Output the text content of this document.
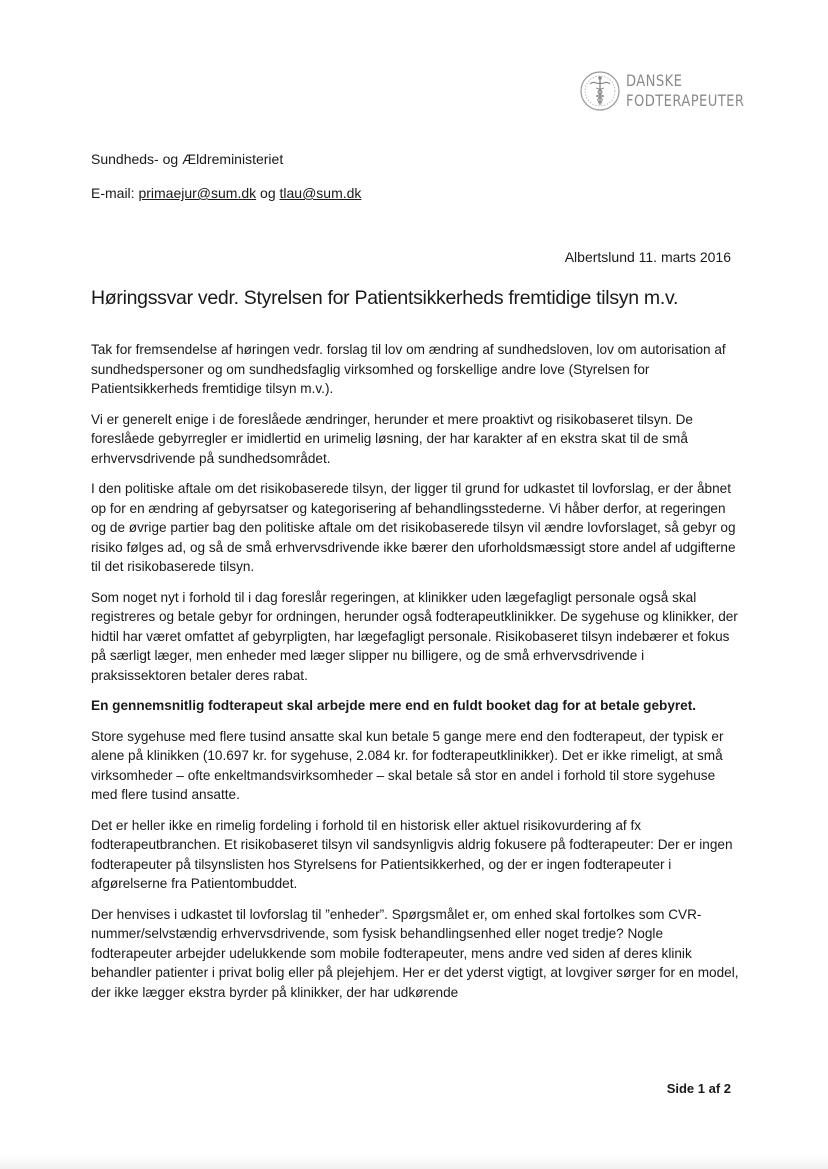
DANSKE
FODTERAPEUTER
Sundheds- og Ældreministeriet
E-mail: primaejur@sum.dk og tlau@sum.dk
Albertslund 11. marts 2016
Høringssvar vedr. Styrelsen for Patientsikkerheds fremtidige tilsyn m.v.

Tak for fremsendelse af høringen vedr. forslag til lov om ændring af sundhedsloven, lov om autorisation af sundhedspersoner og om sundhedsfaglig virksomhed og forskellige andre love (Styrelsen for Patientsikkerheds fremtidige tilsyn m.v.).

Vi er generelt enige i de foreslåede ændringer, herunder et mere proaktivt og risikobaseret tilsyn. De foreslåede gebyrregler er imidlertid en urimelig løsning, der har karakter af en ekstra skat til de små erhvervsdrivende på sundhedsområdet.

I den politiske aftale om det risikobaserede tilsyn, der ligger til grund for udkastet til lovforslag, er der åbnet op for en ændring af gebyrsatser og kategorisering af behandlingsstederne. Vi håber derfor, at regeringen og de øvrige partier bag den politiske aftale om det risikobaserede tilsyn vil ændre lovforslaget, så gebyr og risiko følges ad, og så de små erhvervsdrivende ikke bærer den uforholdsmæssigt store andel af udgifterne til det risikobaserede tilsyn.

Som noget nyt i forhold til i dag foreslår regeringen, at klinikker uden lægefagligt personale også skal registreres og betale gebyr for ordningen, herunder også fodterapeutklinikker. De sygehuse og klinikker, der hidtil har været omfattet af gebyrpligten, har lægefagligt personale. Risikobaseret tilsyn indebærer et fokus på særligt læger, men enheder med læger slipper nu billigere, og de små erhvervsdrivende i praksissektoren betaler deres rabat.

En gennemsnitlig fodterapeut skal arbejde mere end en fuldt booket dag for at betale gebyret.

Store sygehuse med flere tusind ansatte skal kun betale 5 gange mere end den fodterapeut, der typisk er alene på klinikken (10.697 kr. for sygehuse, 2.084 kr. for fodterapeutklinikker). Det er ikke rimeligt, at små virksomheder – ofte enkeltmandsvirksomheder – skal betale så stor en andel i forhold til store sygehuse med flere tusind ansatte.

Det er heller ikke en rimelig fordeling i forhold til en historisk eller aktuel risikovurdering af fx fodterapeutbranchen. Et risikobaseret tilsyn vil sandsynligvis aldrig fokusere på fodterapeuter: Der er ingen fodterapeuter på tilsynslisten hos Styrelsens for Patientsikkerhed, og der er ingen fodterapeuter i afgørelserne fra Patientombuddet.

Der henvises i udkastet til lovforslag til ”enheder”. Spørgsmålet er, om enhed skal fortolkes som CVR-nummer/selvstændig erhvervsdrivende, som fysisk behandlingsenhed eller noget tredje? Nogle fodterapeuter arbejder udelukkende som mobile fodterapeuter, mens andre ved siden af deres klinik behandler patienter i privat bolig eller på plejehjem. Her er det yderst vigtigt, at lovgiver sørger for en model, der ikke lægger ekstra byrder på klinikker, der har udkørende

Side 1 af 2
